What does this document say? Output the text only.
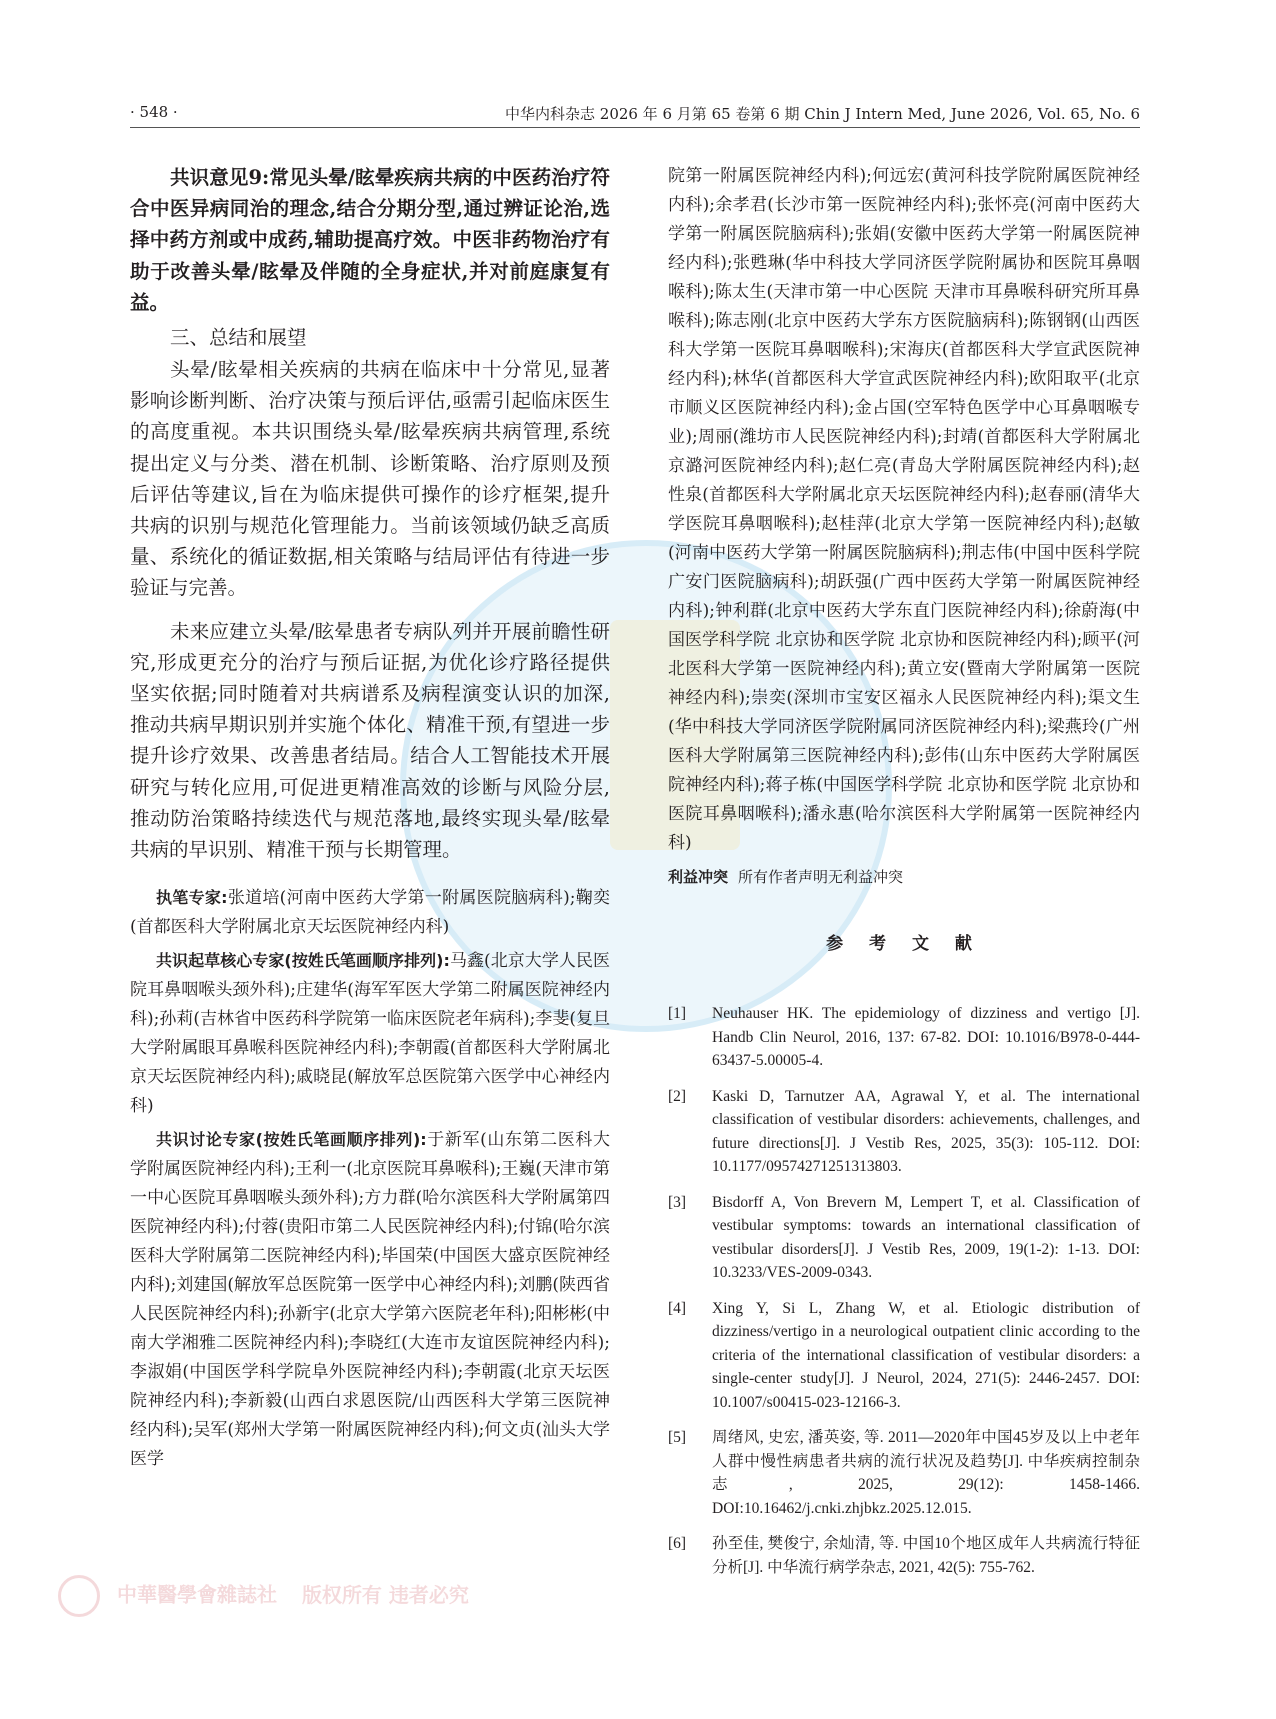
· 548 ·	中华内科杂志 2026 年 6 月第 65 卷第 6 期 Chin J Intern Med, June 2026, Vol. 65, No. 6

共识意见9:常见头晕/眩晕疾病共病的中医药治疗符合中医异病同治的理念,结合分期分型,通过辨证论治,选择中药方剂或中成药,辅助提高疗效。中医非药物治疗有助于改善头晕/眩晕及伴随的全身症状,并对前庭康复有益。

三、总结和展望

头晕/眩晕相关疾病的共病在临床中十分常见,显著影响诊断判断、治疗决策与预后评估,亟需引起临床医生的高度重视。本共识围绕头晕/眩晕疾病共病管理,系统提出定义与分类、潜在机制、诊断策略、治疗原则及预后评估等建议,旨在为临床提供可操作的诊疗框架,提升共病的识别与规范化管理能力。当前该领域仍缺乏高质量、系统化的循证数据,相关策略与结局评估有待进一步验证与完善。

未来应建立头晕/眩晕患者专病队列并开展前瞻性研究,形成更充分的治疗与预后证据,为优化诊疗路径提供坚实依据;同时随着对共病谱系及病程演变认识的加深,推动共病早期识别并实施个体化、精准干预,有望进一步提升诊疗效果、改善患者结局。结合人工智能技术开展研究与转化应用,可促进更精准高效的诊断与风险分层,推动防治策略持续迭代与规范落地,最终实现头晕/眩晕共病的早识别、精准干预与长期管理。

执笔专家:张道培(河南中医药大学第一附属医院脑病科);鞠奕(首都医科大学附属北京天坛医院神经内科)

共识起草核心专家(按姓氏笔画顺序排列):马鑫(北京大学人民医院耳鼻咽喉头颈外科);庄建华(海军军医大学第二附属医院神经内科);孙莉(吉林省中医药科学院第一临床医院老年病科);李斐(复旦大学附属眼耳鼻喉科医院神经内科);李朝霞(首都医科大学附属北京天坛医院神经内科);戚晓昆(解放军总医院第六医学中心神经内科)

共识讨论专家(按姓氏笔画顺序排列):于新军(山东第二医科大学附属医院神经内科);王利一(北京医院耳鼻喉科);王巍(天津市第一中心医院耳鼻咽喉头颈外科);方力群(哈尔滨医科大学附属第四医院神经内科);付蓉(贵阳市第二人民医院神经内科);付锦(哈尔滨医科大学附属第二医院神经内科);毕国荣(中国医大盛京医院神经内科);刘建国(解放军总医院第一医学中心神经内科);刘鹏(陕西省人民医院神经内科);孙新宇(北京大学第六医院老年科);阳彬彬(中南大学湘雅二医院神经内科);李晓红(大连市友谊医院神经内科);李淑娟(中国医学科学院阜外医院神经内科);李朝霞(北京天坛医院神经内科);李新毅(山西白求恩医院/山西医科大学第三医院神经内科);吴军(郑州大学第一附属医院神经内科);何文贞(汕头大学医学

院第一附属医院神经内科);何远宏(黄河科技学院附属医院神经内科);余孝君(长沙市第一医院神经内科);张怀亮(河南中医药大学第一附属医院脑病科);张娟(安徽中医药大学第一附属医院神经内科);张甦琳(华中科技大学同济医学院附属协和医院耳鼻咽喉科);陈太生(天津市第一中心医院 天津市耳鼻喉科研究所耳鼻喉科);陈志刚(北京中医药大学东方医院脑病科);陈钢钢(山西医科大学第一医院耳鼻咽喉科);宋海庆(首都医科大学宣武医院神经内科);林华(首都医科大学宣武医院神经内科);欧阳取平(北京市顺义区医院神经内科);金占国(空军特色医学中心耳鼻咽喉专业);周丽(潍坊市人民医院神经内科);封靖(首都医科大学附属北京潞河医院神经内科);赵仁亮(青岛大学附属医院神经内科);赵性泉(首都医科大学附属北京天坛医院神经内科);赵春丽(清华大学医院耳鼻咽喉科);赵桂萍(北京大学第一医院神经内科);赵敏(河南中医药大学第一附属医院脑病科);荆志伟(中国中医科学院广安门医院脑病科);胡跃强(广西中医药大学第一附属医院神经内科);钟利群(北京中医药大学东直门医院神经内科);徐蔚海(中国医学科学院 北京协和医学院 北京协和医院神经内科);顾平(河北医科大学第一医院神经内科);黄立安(暨南大学附属第一医院神经内科);崇奕(深圳市宝安区福永人民医院神经内科);渠文生(华中科技大学同济医学院附属同济医院神经内科);梁燕玲(广州医科大学附属第三医院神经内科);彭伟(山东中医药大学附属医院神经内科);蒋子栋(中国医学科学院 北京协和医学院 北京协和医院耳鼻咽喉科);潘永惠(哈尔滨医科大学附属第一医院神经内科)

利益冲突 所有作者声明无利益冲突
参 考 文 献
[1]	Neuhauser HK. The epidemiology of dizziness and vertigo [J]. Handb Clin Neurol, 2016, 137: 67-82. DOI: 10.1016/B978-0-444-63437-5.00005-4.
[2]	Kaski D, Tarnutzer AA, Agrawal Y, et al. The international classification of vestibular disorders: achievements, challenges, and future directions[J]. J Vestib Res, 2025, 35(3): 105-112. DOI: 10.1177/09574271251313803.
[3]	Bisdorff A, Von Brevern M, Lempert T, et al. Classification of vestibular symptoms: towards an international classification of vestibular disorders[J]. J Vestib Res, 2009, 19(1-2): 1-13. DOI: 10.3233/VES-2009-0343.
[4]	Xing Y, Si L, Zhang W, et al. Etiologic distribution of dizziness/vertigo in a neurological outpatient clinic according to the criteria of the international classification of vestibular disorders: a single-center study[J]. J Neurol, 2024, 271(5): 2446-2457. DOI: 10.1007/s00415-023-12166-3.
[5]	周绪风, 史宏, 潘英姿, 等. 2011—2020年中国45岁及以上中老年人群中慢性病患者共病的流行状况及趋势[J]. 中华疾病控制杂志, 2025, 29(12): 1458-1466. DOI:10.16462/j.cnki.zhjbkz.2025.12.015.
[6]	孙至佳, 樊俊宁, 余灿清, 等. 中国10个地区成年人共病流行特征分析[J]. 中华流行病学杂志, 2021, 42(5): 755-762.
中華醫學會雜誌社 版权所有 违者必究
